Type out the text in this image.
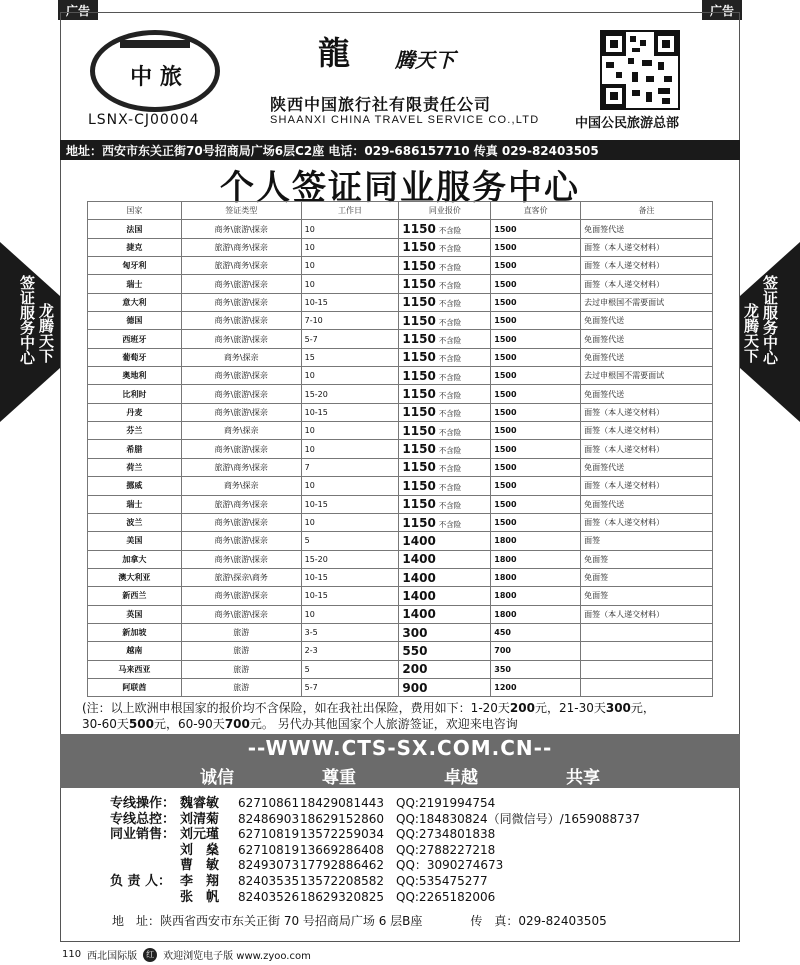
广告	广告
签证服务中心 龙腾天下	龙腾天下 签证服务中心
中 旅
LSNX-CJ00004
龍 腾天下
陕西中国旅行社有限责任公司
SHAANXI CHINA TRAVEL SERVICE CO.,LTD	中国公民旅游总部
地址：西安市东关正街70号招商局广场6层C2座 电话：029-686157710 传真 029-82403505
个人签证同业服务中心
国家	签证类型	工作日	同业报价	直客价	备注
法国	商务\旅游\探亲	10	1150 不含险	1500	免面签代送
捷克	旅游\商务\探亲	10	1150 不含险	1500	面签（本人递交材料）
匈牙利	旅游\商务\探亲	10	1150 不含险	1500	面签（本人递交材料）
瑞士	商务\旅游\探亲	10	1150 不含险	1500	面签（本人递交材料）
意大利	商务\旅游\探亲	10-15	1150 不含险	1500	去过申根国不需要面试
德国	商务\旅游\探亲	7-10	1150 不含险	1500	免面签代送
西班牙	商务\旅游\探亲	5-7	1150 不含险	1500	免面签代送
葡萄牙	商务\探亲	15	1150 不含险	1500	免面签代送
奥地利	商务\旅游\探亲	10	1150 不含险	1500	去过申根国不需要面试
比利时	商务\旅游\探亲	15-20	1150 不含险	1500	免面签代送
丹麦	商务\旅游\探亲	10-15	1150 不含险	1500	面签（本人递交材料）
芬兰	商务\探亲	10	1150 不含险	1500	面签（本人递交材料）
希腊	商务\旅游\探亲	10	1150 不含险	1500	面签（本人递交材料）
荷兰	旅游\商务\探亲	7	1150 不含险	1500	免面签代送
挪威	商务\探亲	10	1150 不含险	1500	面签（本人递交材料）
瑞士	旅游\商务\探亲	10-15	1150 不含险	1500	免面签代送
波兰	商务\旅游\探亲	10	1150 不含险	1500	面签（本人递交材料）
美国	商务\旅游\探亲	5	1400	1800	面签
加拿大	商务\旅游\探亲	15-20	1400	1800	免面签
澳大利亚	旅游\探亲\商务	10-15	1400	1800	免面签
新西兰	商务\旅游\探亲	10-15	1400	1800	免面签
英国	商务\旅游\探亲	10	1400	1800	面签（本人递交材料）
新加坡	旅游	3-5	300	450	
越南	旅游	2-3	550	700	
马来西亚	旅游	5	200	350	
阿联酋	旅游	5-7	900	1200	
(注：以上欧洲申根国家的报价均不含保险，如在我社出保险，费用如下：1-20天200元，21-30天300元，
30-60天500元，60-90天700元。 另代办其他国家个人旅游签证，欢迎来电咨询
--WWW.CTS-SX.COM.CN--
诚信	尊重	卓越	共享
专线操作： 魏睿敏	62710861 18429081443	QQ:2191994754
专线总控： 刘清菊	82486903 18629152860	QQ:184830824（同微信号）/1659088737
同业销售： 刘元瑾	62710819 13572259034	QQ:2734801838
刘　燊	62710819 13669286408	QQ:2788227218
曹　敏	82493073 17792886462	QQ：3090274673
负 责 人： 李　翔	82403535 13572208582	QQ:535475277
张　帆	82403526 18629320825	QQ:2265182006
地　址：陕西省西安市东关正街 70 号招商局广场 6 层B座　　　　传　真：029-82403505
110 西北国际版	红 欢迎浏览电子版 www.zyoo.com
